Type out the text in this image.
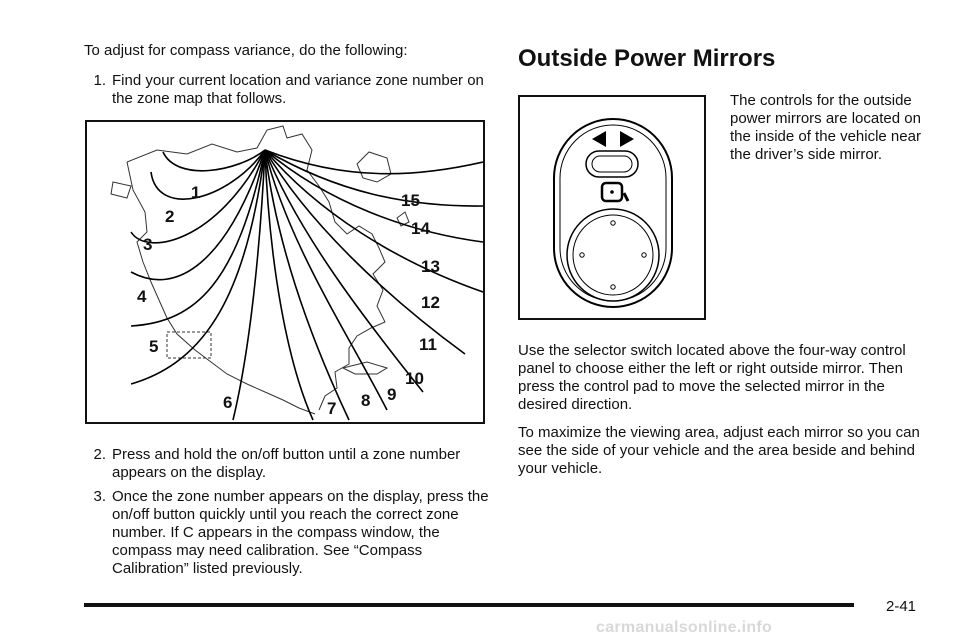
To adjust for compass variance, do the following:

1. Find your current location and variance zone number on the zone map that follows.
1
2
3
4
5
6	7 8 9
10
11
12
13
14
15
2. Press and hold the on/off button until a zone number appears on the display.
3. Once the zone number appears on the display, press the on/off button quickly until you reach the correct zone number. If C appears in the compass window, the compass may need calibration. See “Compass Calibration” listed previously.
Outside Power Mirrors

The controls for the outside power mirrors are located on the inside of the vehicle near the driver’s side mirror.

Use the selector switch located above the four-way control panel to choose either the left or right outside mirror. Then press the control pad to move the selected mirror in the desired direction.

To maximize the viewing area, adjust each mirror so you can see the side of your vehicle and the area beside and behind your vehicle.

2-41
carmanualsonline.info
